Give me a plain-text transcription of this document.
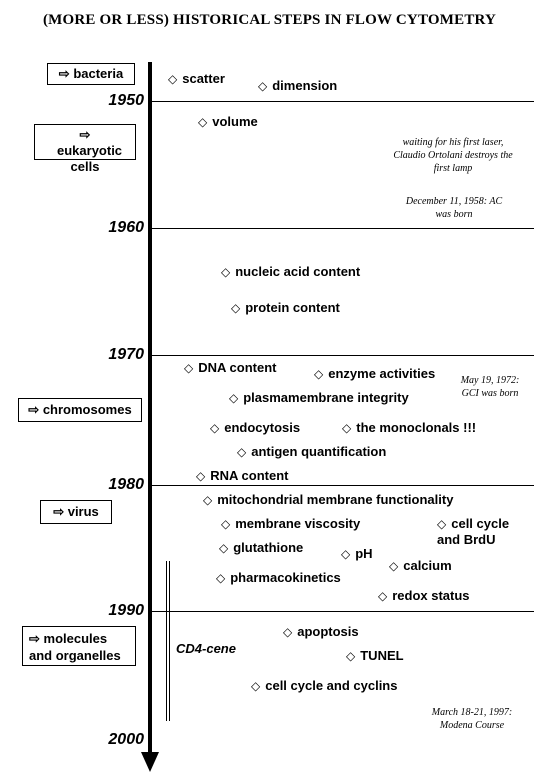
(MORE OR LESS) HISTORICAL STEPS IN FLOW CYTOMETRY
1950
1960
1970
1980
1990
2000
⇨ bacteria
⇨ eukaryotic cells
⇨ chromosomes
⇨ virus
⇨ molecules and organelles
◇ scatter	◇ dimension
◇ volume
◇ nucleic acid content
◇ protein content
◇ DNA content	◇ enzyme activities
◇ plasmamembrane integrity
◇ endocytosis	◇ the monoclonals !!!
◇ antigen quantification
◇ RNA content
◇ mitochondrial membrane functionality
◇ membrane viscosity	◇ cell cycle and BrdU
◇ glutathione	◇ pH
◇ calcium
◇ pharmacokinetics
◇ redox status
◇ apoptosis
◇ TUNEL
◇ cell cycle and cyclins
waiting for his first laser, Claudio Ortolani destroys the first lamp
December 11, 1958: AC was born
May 19, 1972: GCI was born
March 18-21, 1997: Modena Course
CD4-cene
